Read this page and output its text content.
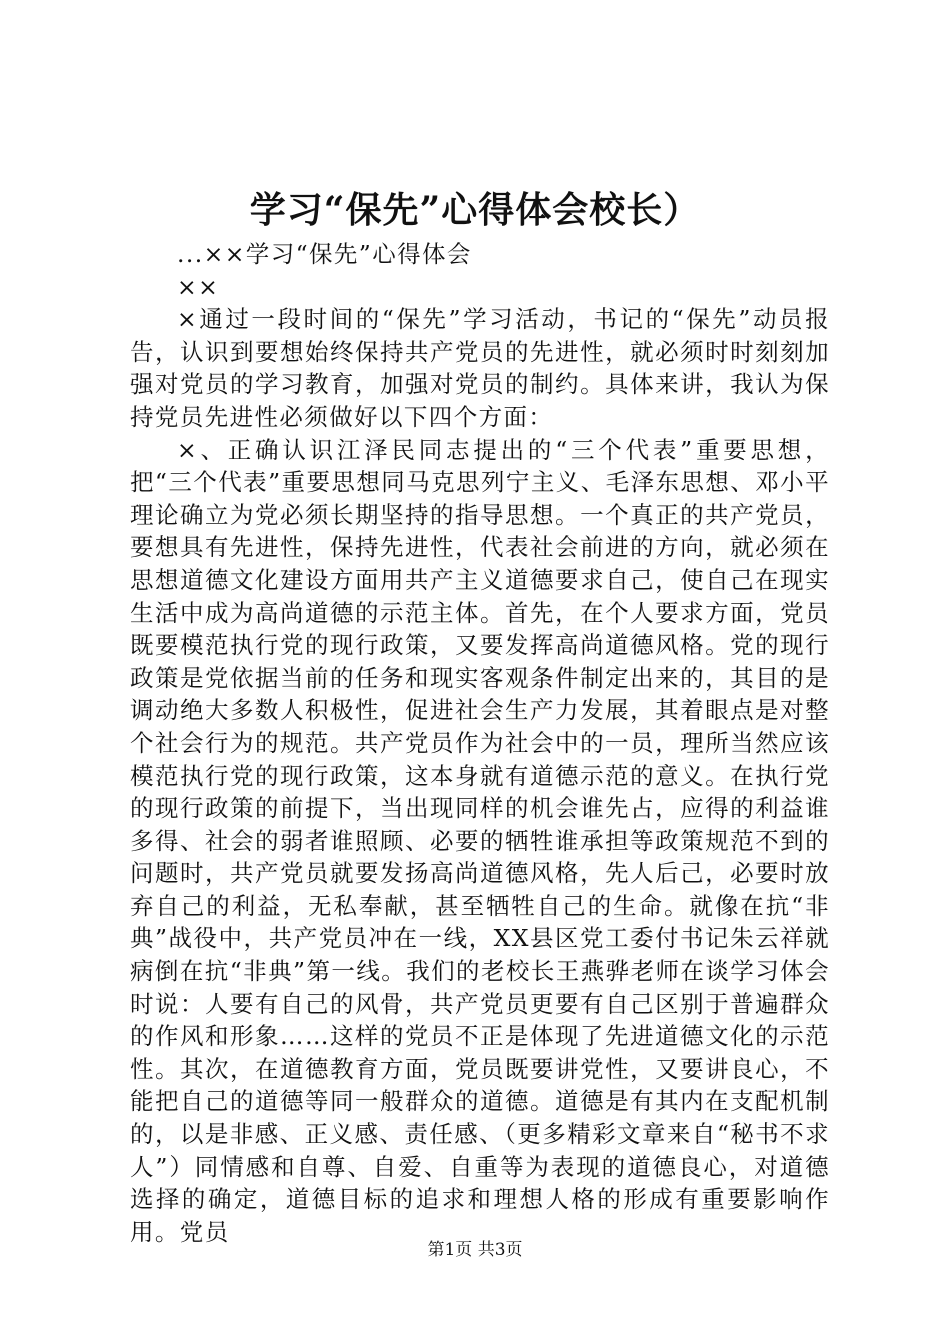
学习“保先”心得体会校长）

...××学习“保先”心得体会

××

×通过一段时间的“保先”学习活动，书记的“保先”动员报告，认识到要想始终保持共产党员的先进性，就必须时时刻刻加强对党员的学习教育，加强对党员的制约。具体来讲，我认为保持党员先进性必须做好以下四个方面：

×、正确认识江泽民同志提出的“三个代表”重要思想，把“三个代表”重要思想同马克思列宁主义、毛泽东思想、邓小平理论确立为党必须长期坚持的指导思想。一个真正的共产党员，要想具有先进性，保持先进性，代表社会前进的方向，就必须在思想道德文化建设方面用共产主义道德要求自己，使自己在现实生活中成为高尚道德的示范主体。首先，在个人要求方面，党员既要模范执行党的现行政策，又要发挥高尚道德风格。党的现行政策是党依据当前的任务和现实客观条件制定出来的，其目的是调动绝大多数人积极性，促进社会生产力发展，其着眼点是对整个社会行为的规范。共产党员作为社会中的一员，理所当然应该模范执行党的现行政策，这本身就有道德示范的意义。在执行党的现行政策的前提下，当出现同样的机会谁先占，应得的利益谁多得、社会的弱者谁照顾、必要的牺牲谁承担等政策规范不到的问题时，共产党员就要发扬高尚道德风格，先人后己，必要时放弃自己的利益，无私奉献，甚至牺牲自己的生命。就像在抗“非典”战役中，共产党员冲在一线，XX县区党工委付书记朱云祥就病倒在抗“非典”第一线。我们的老校长王燕骅老师在谈学习体会时说：人要有自己的风骨，共产党员更要有自己区别于普遍群众的作风和形象……这样的党员不正是体现了先进道德文化的示范性。其次，在道德教育方面，党员既要讲党性，又要讲良心，不能把自己的道德等同一般群众的道德。道德是有其内在支配机制的，以是非感、正义感、责任感、（更多精彩文章来自“秘书不求人”）同情感和自尊、自爱、自重等为表现的道德良心，对道德选择的确定，道德目标的追求和理想人格的形成有重要影响作用。党员

第1页 共3页
